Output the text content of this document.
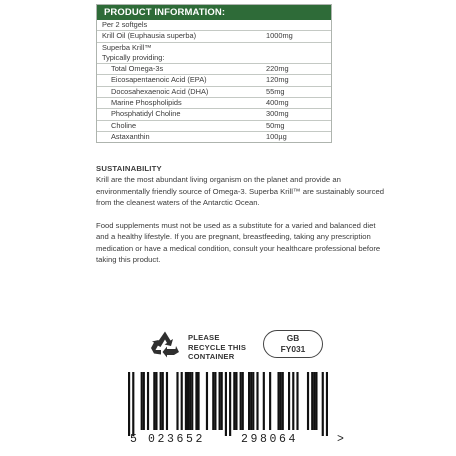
PRODUCT INFORMATION:
Per 2 softgels
Krill Oil (Euphausia superba)	1000mg
Superba Krill™
Typically providing:
Total Omega-3s	220mg
Eicosapentaenoic Acid (EPA)	120mg
Docosahexaenoic Acid (DHA)	55mg
Marine Phospholipids	400mg
Phosphatidyl Choline	300mg
Choline	50mg
Astaxanthin	100µg

SUSTAINABILITY

Krill are the most abundant living organism on the planet and provide an environmentally friendly source of Omega-3. Superba Krill™ are sustainably sourced from the cleanest waters of the Antarctic Ocean.

Food supplements must not be used as a substitute for a varied and balanced diet and a healthy lifestyle. If you are pregnant, breastfeeding, taking any prescription medication or have a medical condition, consult your healthcare professional before taking this product.

PLEASE
RECYCLE THIS
CONTAINER
GB
FY031
5 023652	298064	>
